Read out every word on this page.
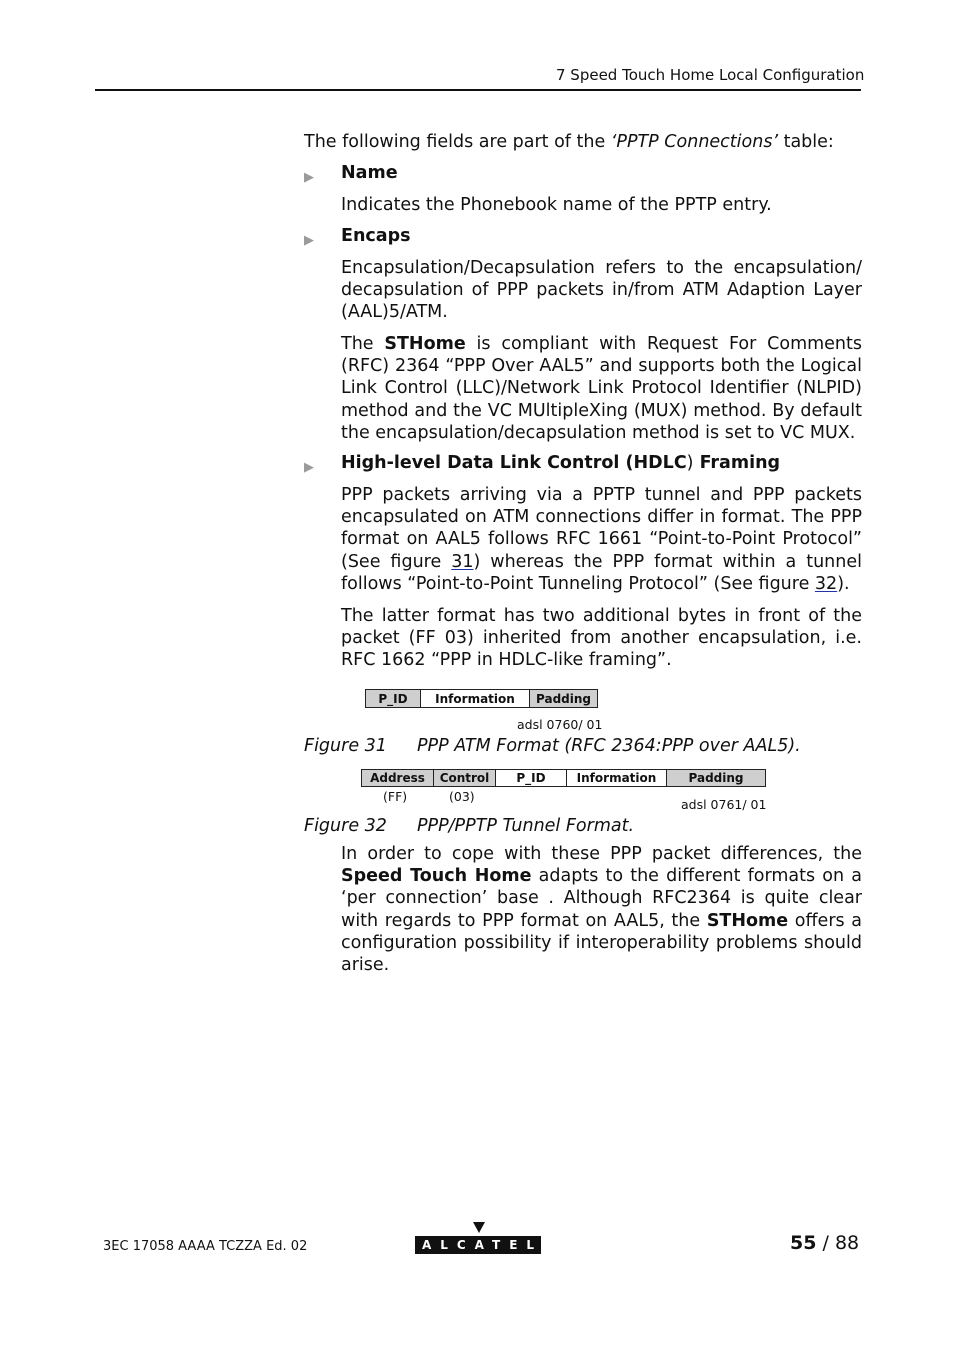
7 Speed Touch Home Local Configuration
The following fields are part of the ‘PPTP Connections’ table:
▶ Name
Indicates the Phonebook name of the PPTP entry.
▶ Encaps
Encapsulation/Decapsulation refers to the encapsulation/ decapsulation of PPP packets in/from ATM Adaption Layer (AAL)5/ATM.
The STHome is compliant with Request For Comments (RFC) 2364 “PPP Over AAL5” and supports both the Logical Link Control (LLC)/Network Link Protocol Identifier (NLPID) method and the VC MUltipleXing (MUX) method. By default the encapsulation/decapsulation method is set to VC MUX.
▶ High-level Data Link Control (HDLC) Framing
PPP packets arriving via a PPTP tunnel and PPP packets encapsulated on ATM connections differ in format. The PPP format on AAL5 follows RFC 1661 “Point-to-Point Protocol” (See figure 31) whereas the PPP format within a tunnel follows “Point-to-Point Tunneling Protocol” (See figure 32).
The latter format has two additional bytes in front of the packet (FF 03) inherited from another encapsulation, i.e. RFC 1662 “PPP in HDLC-like framing”.
P_ID	Information	Padding
adsl 0760/ 01
Figure 31 PPP ATM Format (RFC 2364:PPP over AAL5).
Address	Control	P_ID	Information	Padding
(FF)	(03)
adsl 0761/ 01
Figure 32 PPP/PPTP Tunnel Format.
In order to cope with these PPP packet differences, the Speed Touch Home adapts to the different formats on a ‘per connection’ base . Although RFC2364 is quite clear with regards to PPP format on AAL5, the STHome offers a configuration possibility if interoperability problems should arise.
3EC 17058 AAAA TCZZA Ed. 02	ALCATEL	55 / 88
